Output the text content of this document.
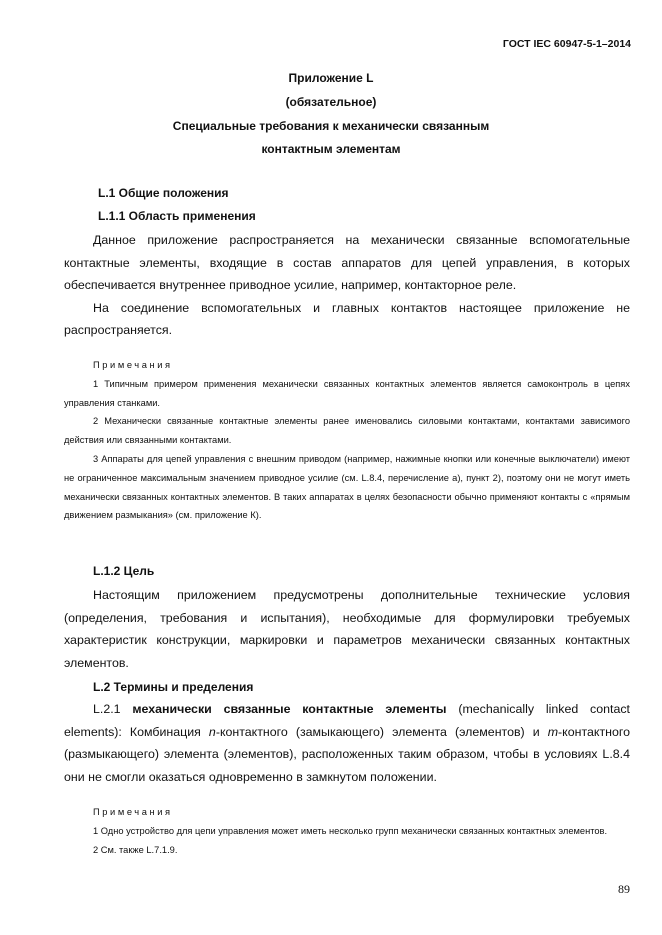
ГОСТ IEC 60947-5-1–2014
Приложение L
(обязательное)
Специальные требования к механически связанным
контактным элементам
L.1 Общие положения
L.1.1 Область применения

Данное приложение распространяется на механически связанные вспомогательные контактные элементы, входящие в состав аппаратов для цепей управления, в которых обеспечивается внутреннее приводное усилие, например, контакторное реле.

На соединение вспомогательных и главных контактов настоящее приложение не распространяется.

Примечания

1 Типичным примером применения механически связанных контактных элементов является самоконтроль в цепях управления станками.

2 Механически связанные контактные элементы ранее именовались силовыми контактами, контактами зависимого действия или связанными контактами.

3 Аппараты для цепей управления с внешним приводом (например, нажимные кнопки или конечные выключатели) имеют не ограниченное максимальным значением приводное усилие (см. L.8.4, перечисление а), пункт 2), поэтому они не могут иметь механически связанных контактных элементов. В таких аппаратах в целях безопасности обычно применяют контакты с «прямым движением размыкания» (см. приложение К).

L.1.2 Цель

Настоящим приложением предусмотрены дополнительные технические условия (определения, требования и испытания), необходимые для формулировки требуемых характеристик конструкции, маркировки и параметров механически связанных контактных элементов.

L.2 Термины и пределения

L.2.1 механически связанные контактные элементы (mechanically linked contact elements): Комбинация n-контактного (замыкающего) элемента (элементов) и m-контактного (размыкающего) элемента (элементов), расположенных таким образом, чтобы в условиях L.8.4 они не смогли оказаться одновременно в замкнутом положении.

Примечания

1 Одно устройство для цепи управления может иметь несколько групп механически связанных контактных элементов.

2 См. также L.7.1.9.

89
